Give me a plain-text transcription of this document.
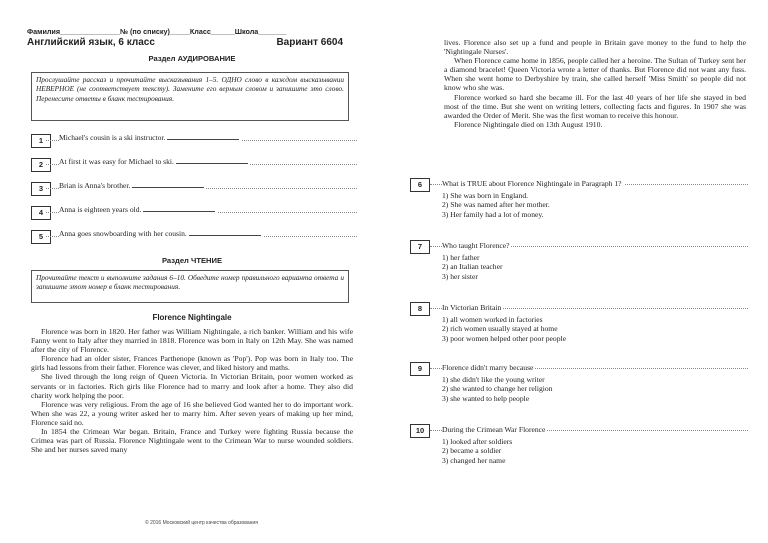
Фамилия_______________№ (по списку)_____Класс______Школа_______
Английский язык, 6 класс	Вариант 6604
Раздел АУДИРОВАНИЕ
Прослушайте рассказ и прочитайте высказывания 1–5. ОДНО слово в каждом высказывании НЕВЕРНОЕ (не соответствует тексту). Замените его верным словом и запишите это слово. Перенесите ответы в бланк тестирования.
1	Michael's cousin is a ski instructor.
2	At first it was easy for Michael to ski.
3	Brian is Anna's brother.
4	Anna is eighteen years old.
5	Anna goes snowboarding with her cousin.
Раздел ЧТЕНИЕ
Прочитайте текст и выполните задания 6–10. Обведите номер правильного варианта ответа и запишите этот номер в бланк тестирования.
Florence Nightingale

Florence was born in 1820. Her father was William Nightingale, a rich banker. William and his wife Fanny went to Italy after they married in 1818. Florence was born in Italy on 12th May. She was named after the city of Florence.

Florence had an older sister, Frances Parthenope (known as 'Pop'). Pop was born in Italy too. The girls had lessons from their father. Florence was clever, and liked history and maths.

She lived through the long reign of Queen Victoria. In Victorian Britain, poor women worked as servants or in factories. Rich girls like Florence had to marry and look after a home. They also did charity work helping the poor.

Florence was very religious. From the age of 16 she believed God wanted her to do important work. When she was 22, a young writer asked her to marry him. After seven years of making up her mind, Florence said no.

In 1854 the Crimean War began. Britain, France and Turkey were fighting Russia because the Crimea was part of Russia. Florence Nightingale went to the Crimean War to nurse wounded soldiers. She and her nurses saved many

lives. Florence also set up a fund and people in Britain gave money to the fund to help the 'Nightingale Nurses'.

When Florence came home in 1856, people called her a heroine. The Sultan of Turkey sent her a diamond bracelet! Queen Victoria wrote a letter of thanks. But Florence did not want any fuss. When she went home to Derbyshire by train, she called herself 'Miss Smith' so people did not know who she was.

Florence worked so hard she became ill. For the last 40 years of her life she stayed in bed most of the time. But she went on writing letters, collecting facts and figures. In 1907 she was awarded the Order of Merit. She was the first woman to receive this honour.

Florence Nightingale died on 13th August 1910.

6	What is TRUE about Florence Nightingale in Paragraph 1?
1) She was born in England.
2) She was named after her mother.
3) Her family had a lot of money.
7	Who taught Florence?
1) her father
2) an Italian teacher
3) her sister
8	In Victorian Britain
1) all women worked in factories
2) rich women usually stayed at home
3) poor women helped other poor people
9	Florence didn't marry because
1) she didn't like the young writer
2) she wanted to change her religion
3) she wanted to help people
10	During the Crimean War Florence
1) looked after soldiers
2) became a soldier
3) changed her name
© 2016 Московский центр качества образования
